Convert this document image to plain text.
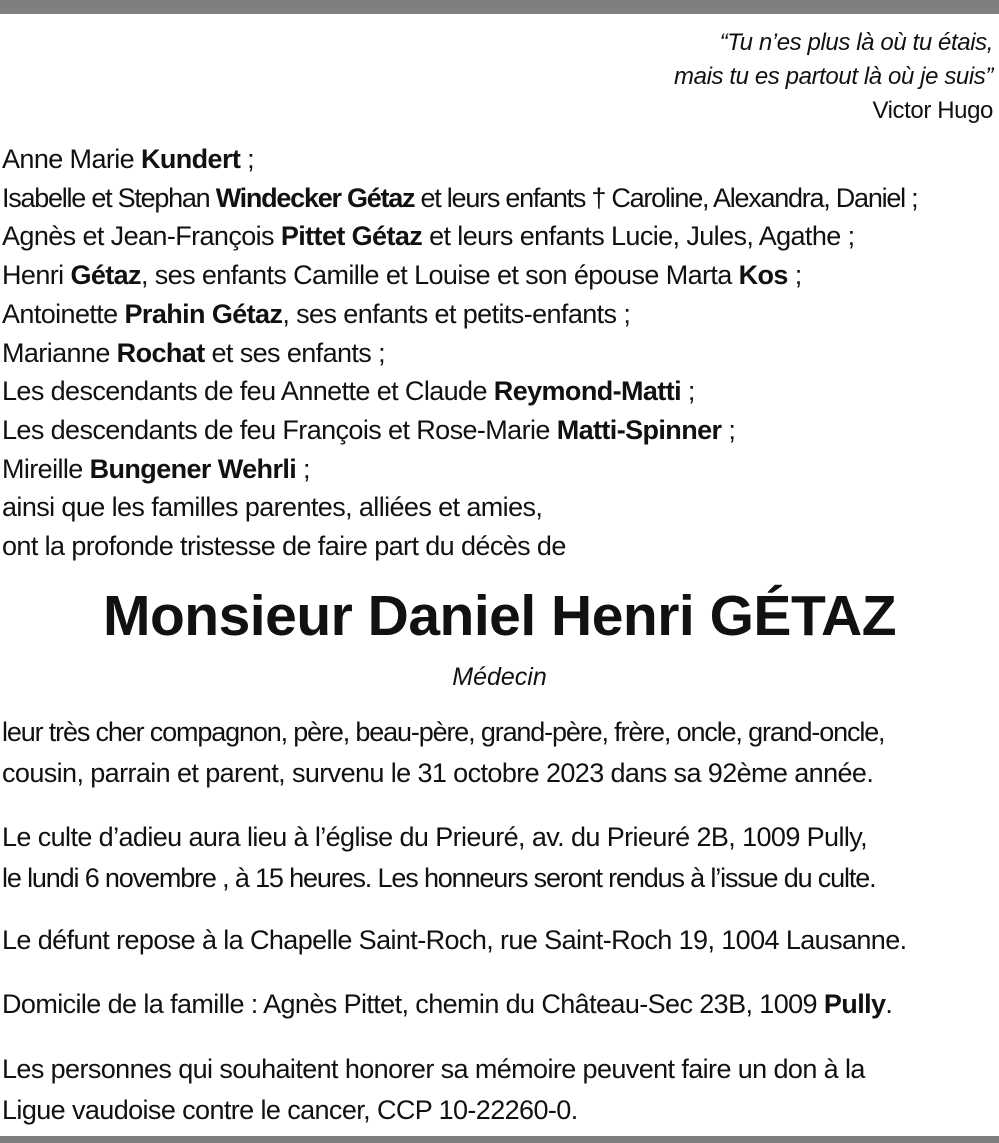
“Tu n’es plus là où tu étais,
mais tu es partout là où je suis”
Victor Hugo
Anne Marie Kundert ;
Isabelle et Stephan Windecker Gétaz et leurs enfants † Caroline, Alexandra, Daniel ;
Agnès et Jean-François Pittet Gétaz et leurs enfants Lucie, Jules, Agathe ;
Henri Gétaz, ses enfants Camille et Louise et son épouse Marta Kos ;
Antoinette Prahin Gétaz, ses enfants et petits-enfants ;
Marianne Rochat et ses enfants ;
Les descendants de feu Annette et Claude Reymond-Matti ;
Les descendants de feu François et Rose-Marie Matti-Spinner ;
Mireille Bungener Wehrli ;
ainsi que les familles parentes, alliées et amies,
ont la profonde tristesse de faire part du décès de
Monsieur Daniel Henri GÉTAZ
Médecin
leur très cher compagnon, père, beau-père, grand-père, frère, oncle, grand-oncle,
cousin, parrain et parent, survenu le 31 octobre 2023 dans sa 92ème année.
Le culte d’adieu aura lieu à l’église du Prieuré, av. du Prieuré 2B, 1009 Pully,
le lundi 6 novembre , à 15 heures. Les honneurs seront rendus à l’issue du culte.
Le défunt repose à la Chapelle Saint-Roch, rue Saint-Roch 19, 1004 Lausanne.
Domicile de la famille : Agnès Pittet, chemin du Château-Sec 23B, 1009 Pully.
Les personnes qui souhaitent honorer sa mémoire peuvent faire un don à la
Ligue vaudoise contre le cancer, CCP 10-22260-0.
